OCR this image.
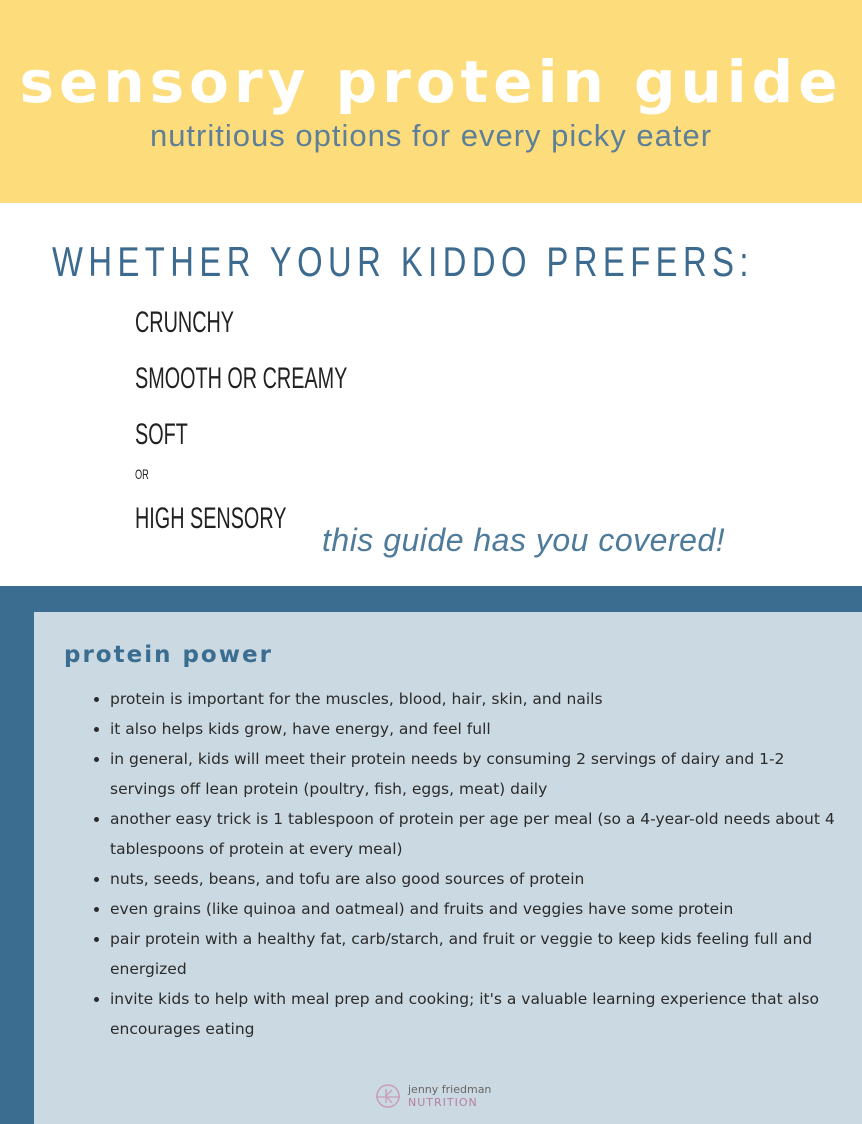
sensory protein guide
nutritious options for every picky eater
WHETHER YOUR KIDDO PREFERS:
CRUNCHY
SMOOTH OR CREAMY
SOFT
OR
HIGH SENSORY
this guide has you covered!
protein power
• protein is important for the muscles, blood, hair, skin, and nails
• it also helps kids grow, have energy, and feel full
• in general, kids will meet their protein needs by consuming 2 servings of dairy and 1-2 servings off lean protein (poultry, fish, eggs, meat) daily
• another easy trick is 1 tablespoon of protein per age per meal (so a 4-year-old needs about 4 tablespoons of protein at every meal)
• nuts, seeds, beans, and tofu are also good sources of protein
• even grains (like quinoa and oatmeal) and fruits and veggies have some protein
• pair protein with a healthy fat, carb/starch, and fruit or veggie to keep kids feeling full and energized
• invite kids to help with meal prep and cooking; it's a valuable learning experience that also encourages eating
jenny friedman
NUTRITION
